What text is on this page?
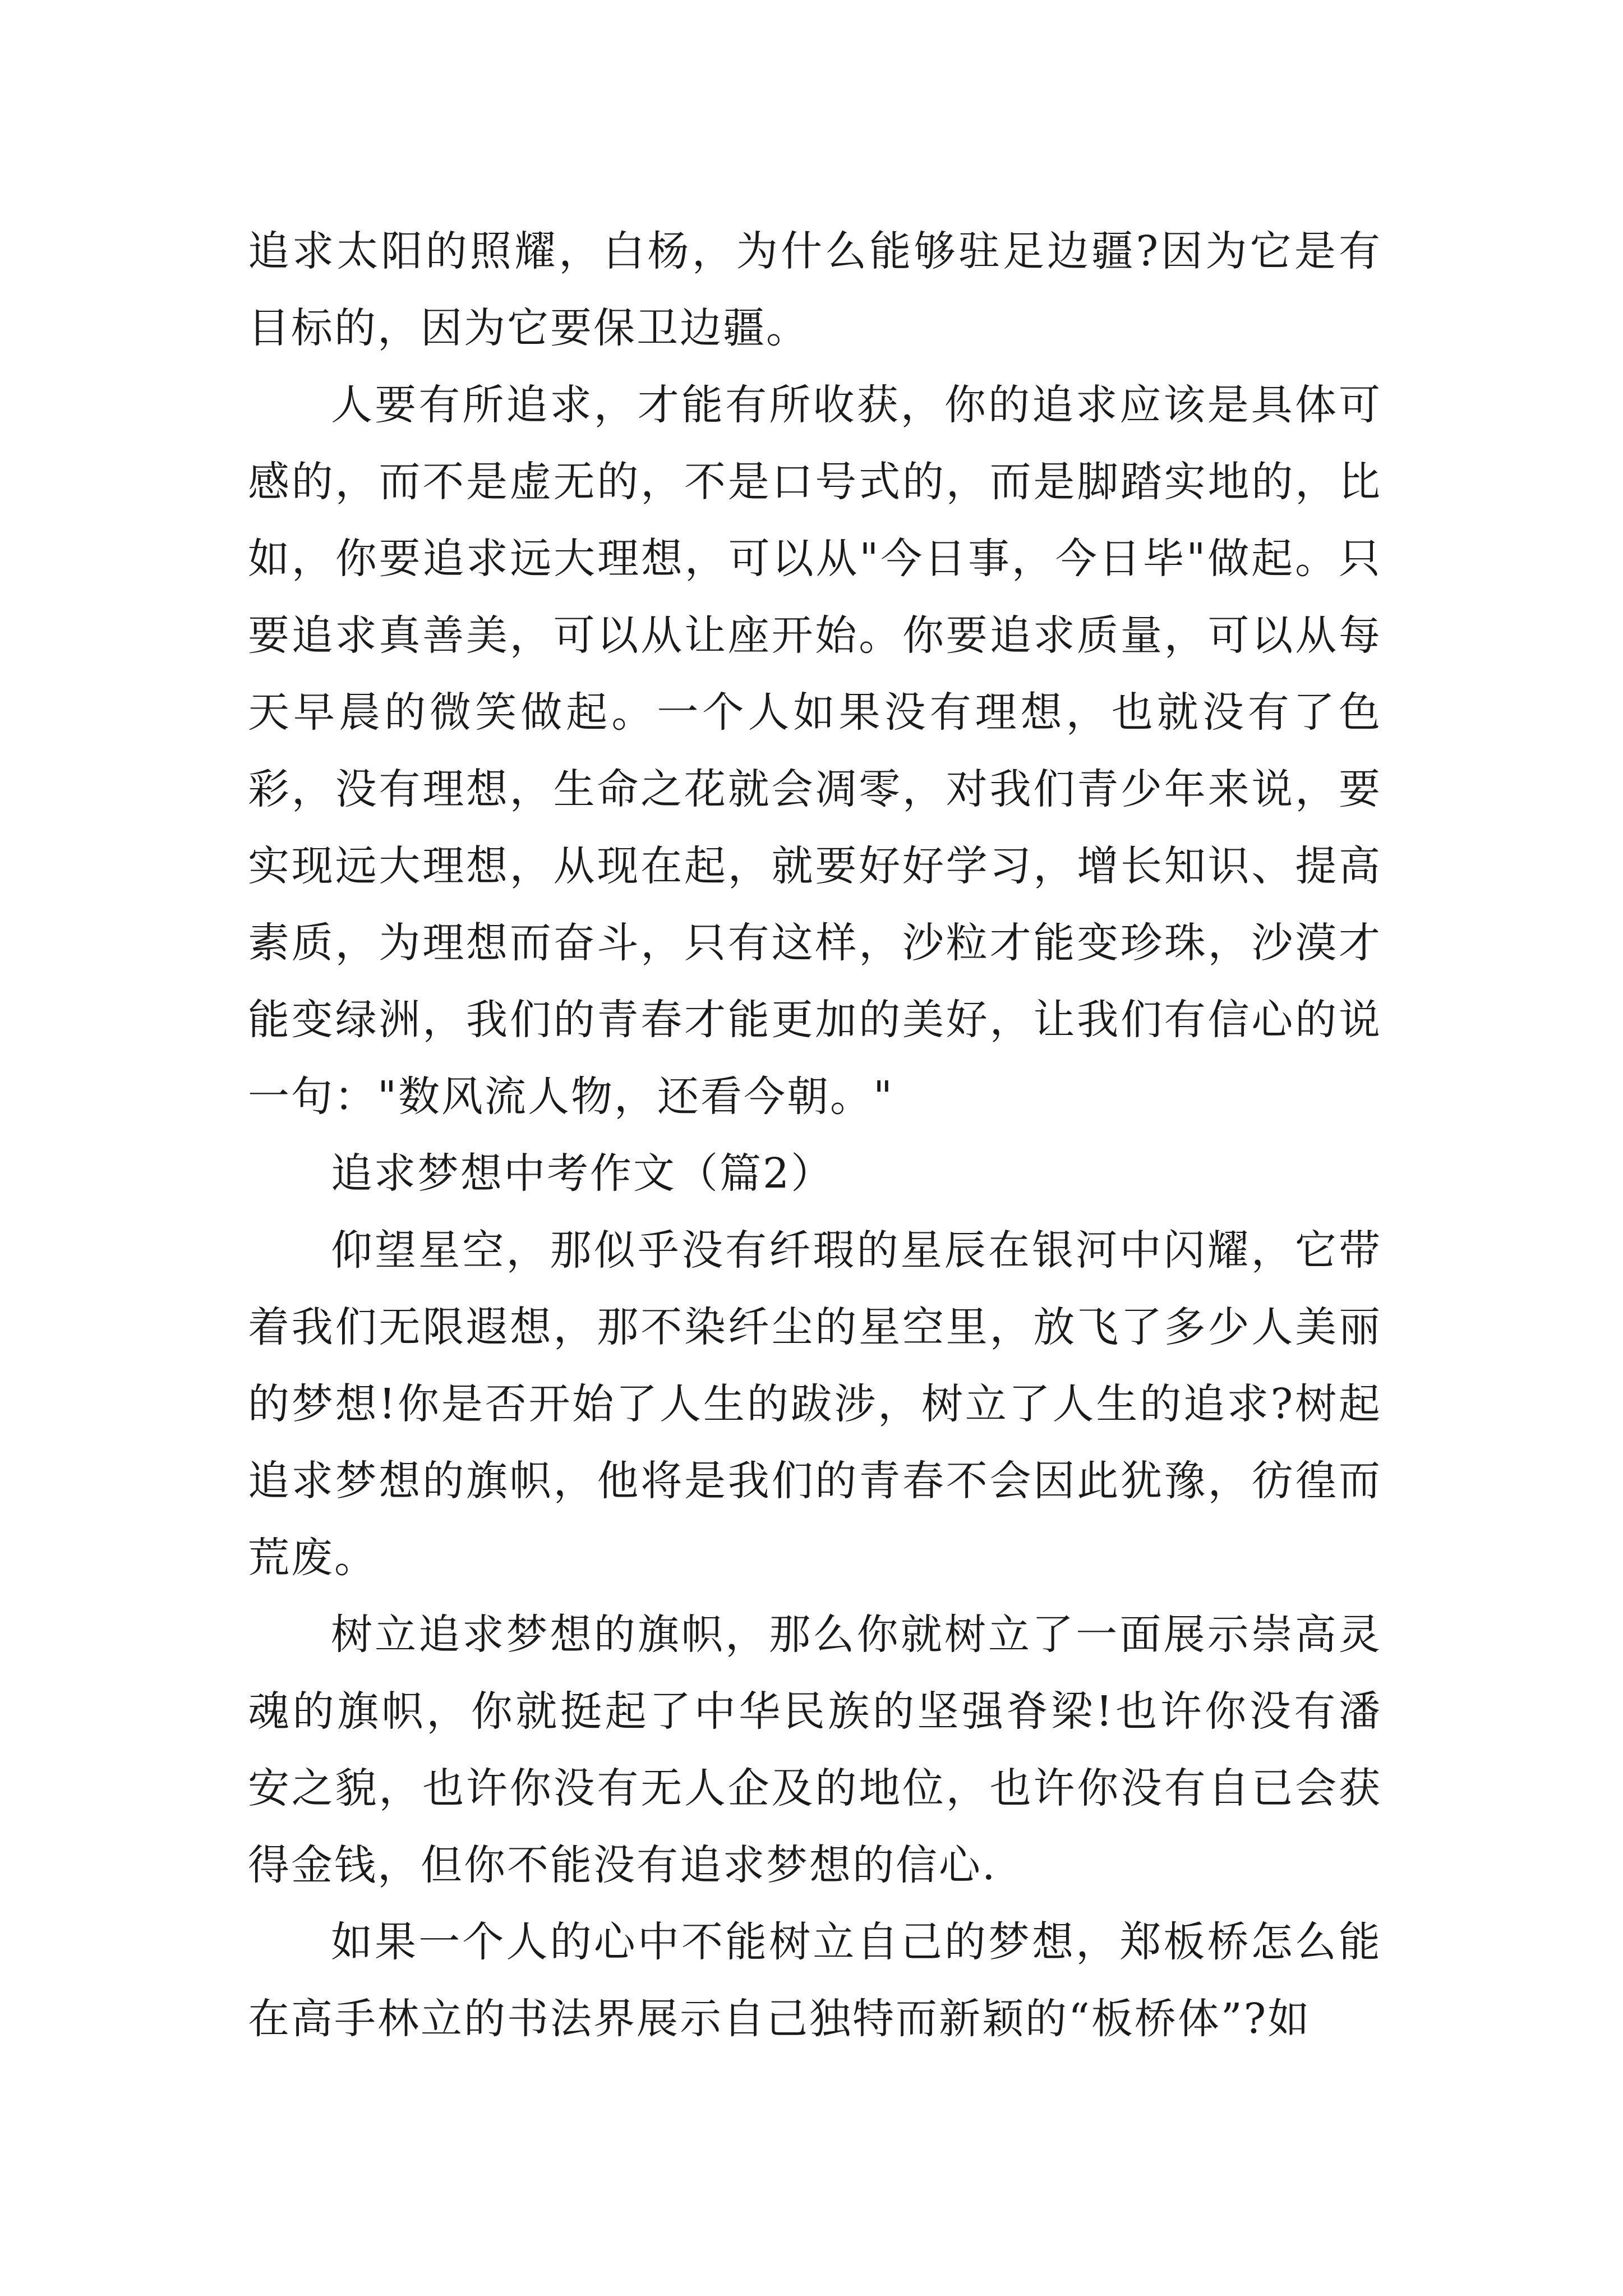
追求太阳的照耀，白杨，为什么能够驻足边疆?因为它是有目标的，因为它要保卫边疆。

人要有所追求，才能有所收获，你的追求应该是具体可感的，而不是虚无的，不是口号式的，而是脚踏实地的，比如，你要追求远大理想，可以从"今日事，今日毕"做起。只要追求真善美，可以从让座开始。你要追求质量，可以从每天早晨的微笑做起。一个人如果没有理想，也就没有了色彩，没有理想，生命之花就会凋零，对我们青少年来说，要实现远大理想，从现在起，就要好好学习，增长知识、提高素质，为理想而奋斗，只有这样，沙粒才能变珍珠，沙漠才能变绿洲，我们的青春才能更加的美好，让我们有信心的说一句："数风流人物，还看今朝。"

追求梦想中考作文（篇2）

仰望星空，那似乎没有纤瑕的星辰在银河中闪耀，它带着我们无限遐想，那不染纤尘的星空里，放飞了多少人美丽的梦想!你是否开始了人生的跋涉，树立了人生的追求?树起追求梦想的旗帜，他将是我们的青春不会因此犹豫，彷徨而荒废。

树立追求梦想的旗帜，那么你就树立了一面展示崇高灵魂的旗帜，你就挺起了中华民族的坚强脊梁!也许你没有潘安之貌，也许你没有无人企及的地位，也许你没有自已会获得金钱，但你不能没有追求梦想的信心.

如果一个人的心中不能树立自己的梦想，郑板桥怎么能在高手林立的书法界展示自己独特而新颖的“板桥体”?如
